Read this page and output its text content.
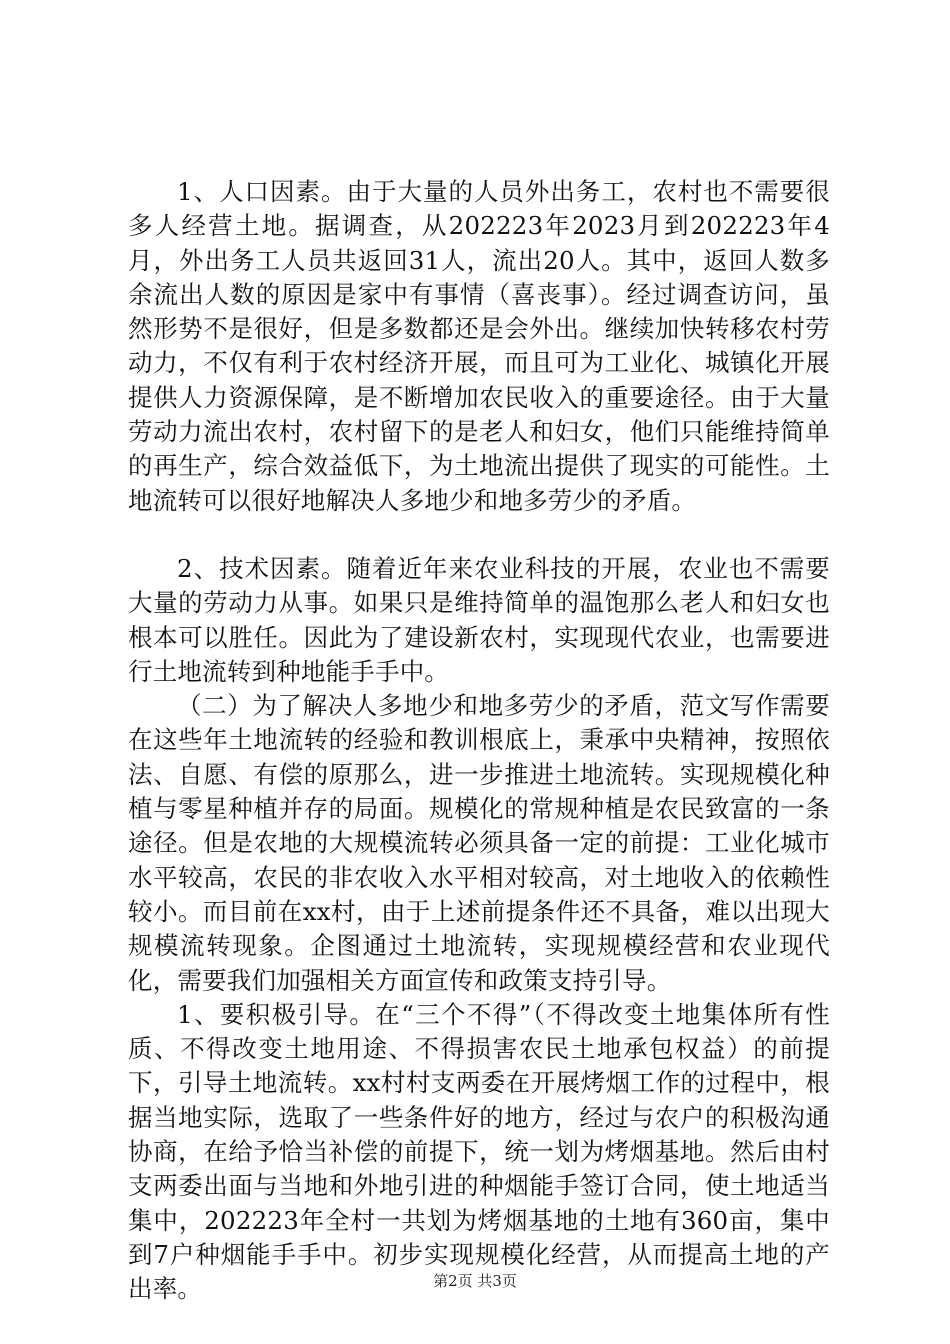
1、人口因素。由于大量的人员外出务工，农村也不需要很多人经营土地。据调查，从202223年2023月到202223年4月，外出务工人员共返回31人，流出20人。其中，返回人数多余流出人数的原因是家中有事情（喜丧事）。经过调查访问，虽然形势不是很好，但是多数都还是会外出。继续加快转移农村劳动力，不仅有利于农村经济开展，而且可为工业化、城镇化开展提供人力资源保障，是不断增加农民收入的重要途径。由于大量劳动力流出农村，农村留下的是老人和妇女，他们只能维持简单的再生产，综合效益低下，为土地流出提供了现实的可能性。土地流转可以很好地解决人多地少和地多劳少的矛盾。

2、技术因素。随着近年来农业科技的开展，农业也不需要大量的劳动力从事。如果只是维持简单的温饱那么老人和妇女也根本可以胜任。因此为了建设新农村，实现现代农业，也需要进行土地流转到种地能手手中。

（二）为了解决人多地少和地多劳少的矛盾，范文写作需要在这些年土地流转的经验和教训根底上，秉承中央精神，按照依法、自愿、有偿的原那么，进一步推进土地流转。实现规模化种植与零星种植并存的局面。规模化的常规种植是农民致富的一条途径。但是农地的大规模流转必须具备一定的前提：工业化城市水平较高，农民的非农收入水平相对较高，对土地收入的依赖性较小。而目前在xx村，由于上述前提条件还不具备，难以出现大规模流转现象。企图通过土地流转，实现规模经营和农业现代化，需要我们加强相关方面宣传和政策支持引导。

1、要积极引导。在“三个不得”（不得改变土地集体所有性质、不得改变土地用途、不得损害农民土地承包权益）的前提下，引导土地流转。xx村村支两委在开展烤烟工作的过程中，根据当地实际，选取了一些条件好的地方，经过与农户的积极沟通协商，在给予恰当补偿的前提下，统一划为烤烟基地。然后由村支两委出面与当地和外地引进的种烟能手签订合同，使土地适当集中，202223年全村一共划为烤烟基地的土地有360亩，集中到7户种烟能手手中。初步实现规模化经营，从而提高土地的产出率。	第2页 共3页
